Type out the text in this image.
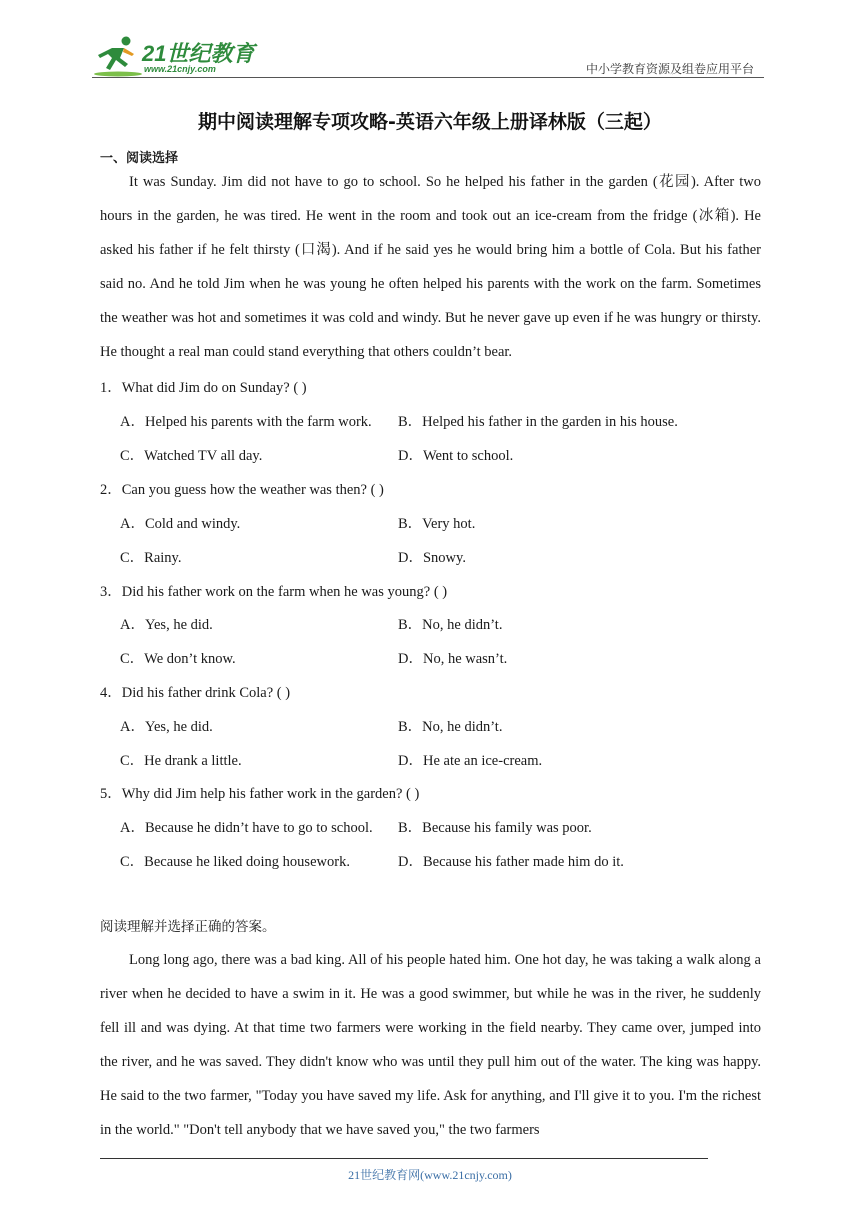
21世纪教育
www.21cnjy.com	中小学教育资源及组卷应用平台
期中阅读理解专项攻略-英语六年级上册译林版（三起）
一、阅读选择

It was Sunday. Jim did not have to go to school. So he helped his father in the garden (花园). After two hours in the garden, he was tired. He went in the room and took out an ice-cream from the fridge (冰箱). He asked his father if he felt thirsty (口渴). And if he said yes he would bring him a bottle of Cola. But his father said no. And he told Jim when he was young he often helped his parents with the work on the farm. Sometimes the weather was hot and sometimes it was cold and windy. But he never gave up even if he was hungry or thirsty. He thought a real man could stand everything that others couldn’t bear.

1．What did Jim do on Sunday? ( )
A．Helped his parents with the farm work. B．Helped his father in the garden in his house.
C．Watched TV all day.	D．Went to school.
2．Can you guess how the weather was then? ( )
A．Cold and windy.	B．Very hot.
C．Rainy.	D．Snowy.
3．Did his father work on the farm when he was young? ( )
A．Yes, he did.	B．No, he didn’t.
C．We don’t know.	D．No, he wasn’t.
4．Did his father drink Cola? ( )
A．Yes, he did.	B．No, he didn’t.
C．He drank a little.	D．He ate an ice-cream.
5．Why did Jim help his father work in the garden? ( )
A．Because he didn’t have to go to school. B．Because his family was poor.
C．Because he liked doing housework.	D．Because his father made him do it.
阅读理解并选择正确的答案。

Long long ago, there was a bad king. All of his people hated him. One hot day, he was taking a walk along a river when he decided to have a swim in it. He was a good swimmer, but while he was in the river, he suddenly fell ill and was dying. At that time two farmers were working in the field nearby. They came over, jumped into the river, and he was saved. They didn't know who was until they pull him out of the water. The king was happy. He said to the two farmer, "Today you have saved my life. Ask for anything, and I'll give it to you. I'm the richest in the world." "Don't tell anybody that we have saved you," the two farmers

21世纪教育网(www.21cnjy.com)
